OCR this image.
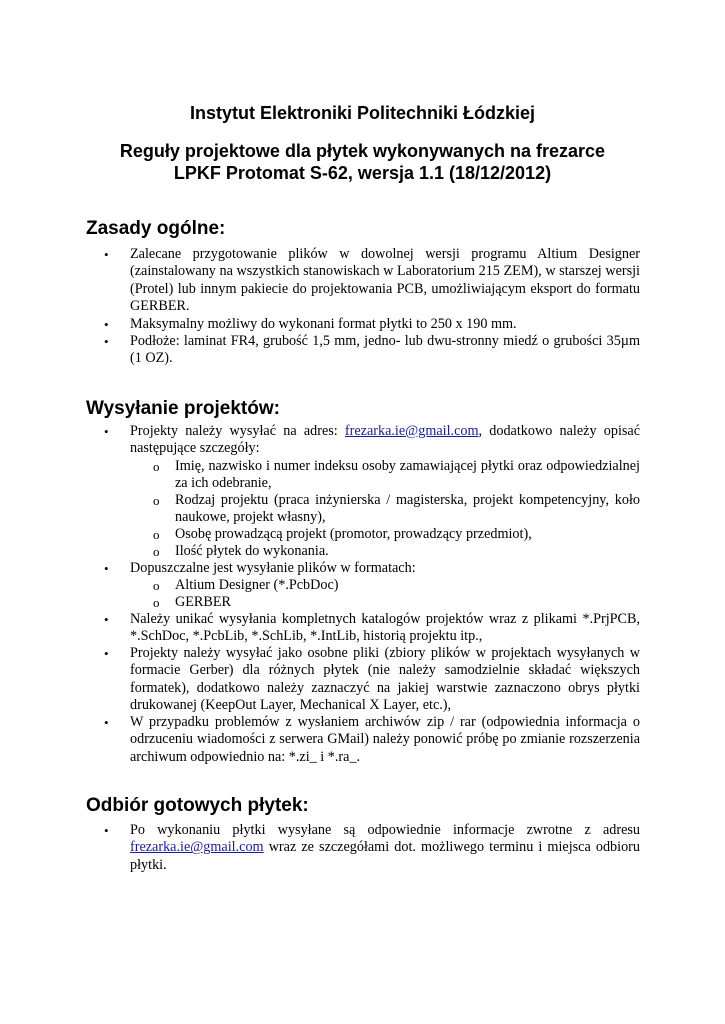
Instytut Elektroniki Politechniki Łódzkiej
Reguły projektowe dla płytek wykonywanych na frezarce
LPKF Protomat S-62, wersja 1.1 (18/12/2012)
Zasady ogólne:
• Zalecane przygotowanie plików w dowolnej wersji programu Altium Designer (zainstalowany na wszystkich stanowiskach w Laboratorium 215 ZEM), w starszej wersji (Protel) lub innym pakiecie do projektowania PCB, umożliwiającym eksport do formatu GERBER.
• Maksymalny możliwy do wykonani format płytki to 250 x 190 mm.
• Podłoże: laminat FR4, grubość 1,5 mm, jedno- lub dwu-stronny miedź o grubości 35µm (1 OZ).
Wysyłanie projektów:
• Projekty należy wysyłać na adres: frezarka.ie@gmail.com, dodatkowo należy opisać następujące szczegóły:
o Imię, nazwisko i numer indeksu osoby zamawiającej płytki oraz odpowiedzialnej za ich odebranie,
o Rodzaj projektu (praca inżynierska / magisterska, projekt kompetencyjny, koło naukowe, projekt własny),
o Osobę prowadzącą projekt (promotor, prowadzący przedmiot),
o Ilość płytek do wykonania.
• Dopuszczalne jest wysyłanie plików w formatach:
o Altium Designer (*.PcbDoc)
o GERBER
• Należy unikać wysyłania kompletnych katalogów projektów wraz z plikami *.PrjPCB, *.SchDoc, *.PcbLib, *.SchLib, *.IntLib, historią projektu itp.,
• Projekty należy wysyłać jako osobne pliki (zbiory plików w projektach wysyłanych w formacie Gerber) dla różnych płytek (nie należy samodzielnie składać większych formatek), dodatkowo należy zaznaczyć na jakiej warstwie zaznaczono obrys płytki drukowanej (KeepOut Layer, Mechanical X Layer, etc.),
• W przypadku problemów z wysłaniem archiwów zip / rar (odpowiednia informacja o odrzuceniu wiadomości z serwera GMail) należy ponowić próbę po zmianie rozszerzenia archiwum odpowiednio na: *.zi_ i *.ra_.
Odbiór gotowych płytek:
• Po wykonaniu płytki wysyłane są odpowiednie informacje zwrotne z adresu frezarka.ie@gmail.com wraz ze szczegółami dot. możliwego terminu i miejsca odbioru płytki.
